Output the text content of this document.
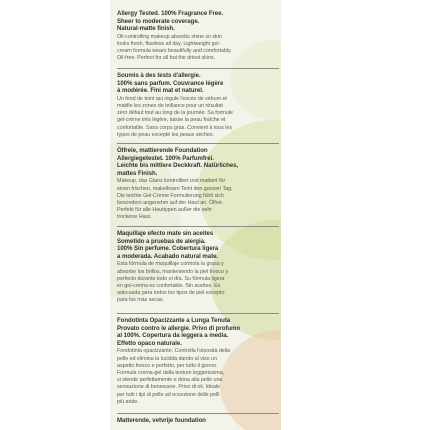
Allergy Tested. 100% Fragrance Free.
Sheer to moderate coverage.
Natural-matte finish.
Oil-controlling makeup absorbs shine so skin
looks fresh, flawless all day. Lightweight gel-
cream formula wears beautifully and comfortably.
Oil-free. Perfect for all but the driest skins.
Soumis à des tests d'allergie.
100% sans parfum. Couvrance légère
à modérée. Fini mat et naturel.
Un fond de teint qui régule l'excès de sébum et
matifie les zones de brillance pour un résultat
zéro défaut tout au long de la journée. Sa formule
gel-crème très légère, laisse la peau fraîche et
confortable. Sans corps gras. Convient à tous les
types de peau excepté les peaux sèches.
Ölfreie, mattierende Foundation
Allergiegetestet. 100% Parfumfrei.
Leichte bis mittlere Deckkraft. Natürliches,
mattes Finish.
Makeup, das Glanz kontrolliert und mattiert für
einen frischen, makellosen Teint den ganzen Tag.
Die leichte Gel-Creme Formulierung fühlt sich
besonders angenehm auf der Haut an. Ölfrei.
Perfekt für alle Hauttypen außer die sehr
trockene Haut.
Maquillaje efecto mate sin aceites
Sometido a pruebas de alergia.
100% Sin perfume. Cobertura ligera
a moderada. Acabado natural mate.
Esta fórmula de maquillaje controla la grasa y
absorbe los brillos, manteniendo la piel fresco y
perfecto durante todo el día. Su fórmula ligera
en gel-crema es confortable. Sin aceites. Es
adecuada para todos los tipos de piel excepto
para las más secas.
Fondotinta Opacizzante a Lunga Tenuta
Provato contro le allergie. Privo di profumo
al 100%. Copertura da leggera a media.
Effetto opaco naturale.
Fondotinta opacizzante. Controlla l'oleosità della
pelle ed elimina la lucidità dando al viso un
aspetto fresco e perfetto, per tutto il giorno.
Formula crema-gel dalla texture leggerissima,
si stende perfettamente e dona alla pelle una
sensazione di benessere. Privo di oli. Ideale
per tutti i tipi di pelle ad eccezione delle pelli
più aride.
Matterende, vetvrije foundation
